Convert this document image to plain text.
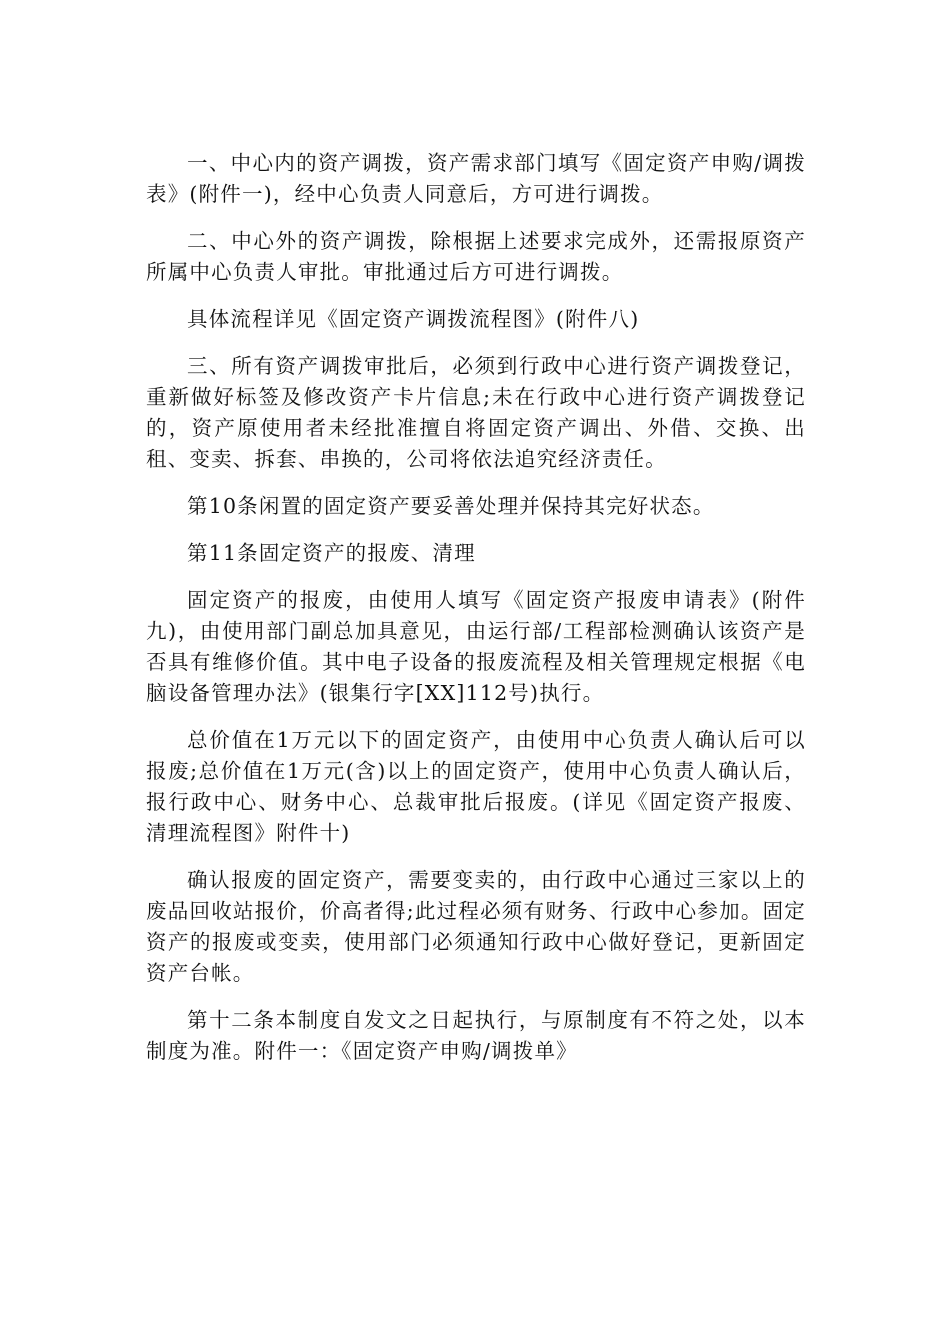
一、中心内的资产调拨，资产需求部门填写《固定资产申购/调拨表》(附件一)，经中心负责人同意后，方可进行调拨。

二、中心外的资产调拨，除根据上述要求完成外，还需报原资产所属中心负责人审批。审批通过后方可进行调拨。

具体流程详见《固定资产调拨流程图》(附件八)

三、所有资产调拨审批后，必须到行政中心进行资产调拨登记，重新做好标签及修改资产卡片信息;未在行政中心进行资产调拨登记的，资产原使用者未经批准擅自将固定资产调出、外借、交换、出租、变卖、拆套、串换的，公司将依法追究经济责任。

第10条闲置的固定资产要妥善处理并保持其完好状态。

第11条固定资产的报废、清理

固定资产的报废，由使用人填写《固定资产报废申请表》(附件九)，由使用部门副总加具意见，由运行部/工程部检测确认该资产是否具有维修价值。其中电子设备的报废流程及相关管理规定根据《电脑设备管理办法》(银集行字[XX]112号)执行。

总价值在1万元以下的固定资产，由使用中心负责人确认后可以报废;总价值在1万元(含)以上的固定资产，使用中心负责人确认后，报行政中心、财务中心、总裁审批后报废。(详见《固定资产报废、清理流程图》附件十)

确认报废的固定资产，需要变卖的，由行政中心通过三家以上的废品回收站报价，价高者得;此过程必须有财务、行政中心参加。固定资产的报废或变卖，使用部门必须通知行政中心做好登记，更新固定资产台帐。

第十二条本制度自发文之日起执行，与原制度有不符之处，以本制度为准。附件一：《固定资产申购/调拨单》
